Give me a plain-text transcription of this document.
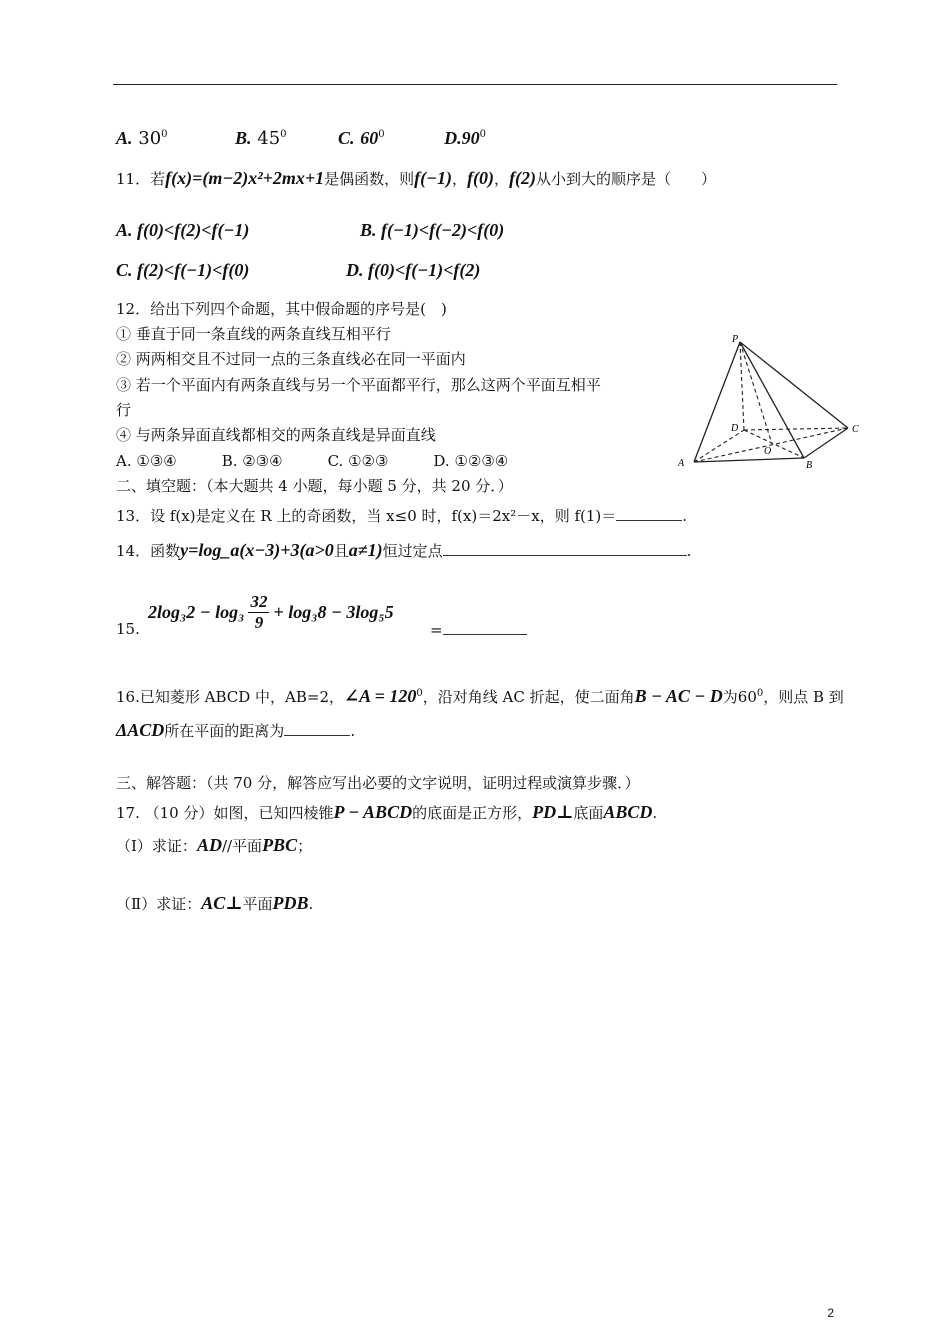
A. $30^0$	B. $45^0$	C. $60^0$	$D.90^0$
11．若f(x)=(m−2)x²+2mx+1是偶函数，则f(−1)，f(0)，f(2)从小到大的顺序是（　　）
A. f(0)<f(2)<f(−1)	B. f(−1)<f(−2)<f(0)
C. f(2)<f(−1)<f(0)	D. f(0)<f(−1)<f(2)
12．给出下列四个命题，其中假命题的序号是(　)
① 垂直于同一条直线的两条直线互相平行
② 两两相交且不过同一点的三条直线必在同一平面内
③ 若一个平面内有两条直线与另一个平面都平行，那么这两个平面互相平
行
④ 与两条异面直线都相交的两条直线是异面直线
A. ①③④　　　B. ②③④　　　C. ①②③　　　D. ①②③④
P
A	B
C
D
O
二、填空题：（本大题共 4 小题，每小题 5 分，共 20 分．）
13．设 f(x)是定义在 R 上的奇函数，当 x≤0 时，f(x)＝2x²－x，则 f(1)＝	.
14．函数y=log_a(x−3)+3(a>0且a≠1)恒过定点	.
15.
$2\log_32 - \log_3 \frac{32}{9} + \log_38 - 3\log_55$
=
16.已知菱形 ABCD 中，AB=2，∠A = $120^0$，沿对角线 AC 折起，使二面角B − AC − D为$60^0$，则点 B 到
ΔACD所在平面的距离为	.
三、解答题：（共 70 分，解答应写出必要的文字说明，证明过程或演算步骤．）
17. （10 分）如图，已知四棱锥P − ABCD的底面是正方形，PD⊥底面ABCD.
（Ⅰ）求证：AD//平面PBC；
（Ⅱ）求证：AC⊥平面PDB.
2
